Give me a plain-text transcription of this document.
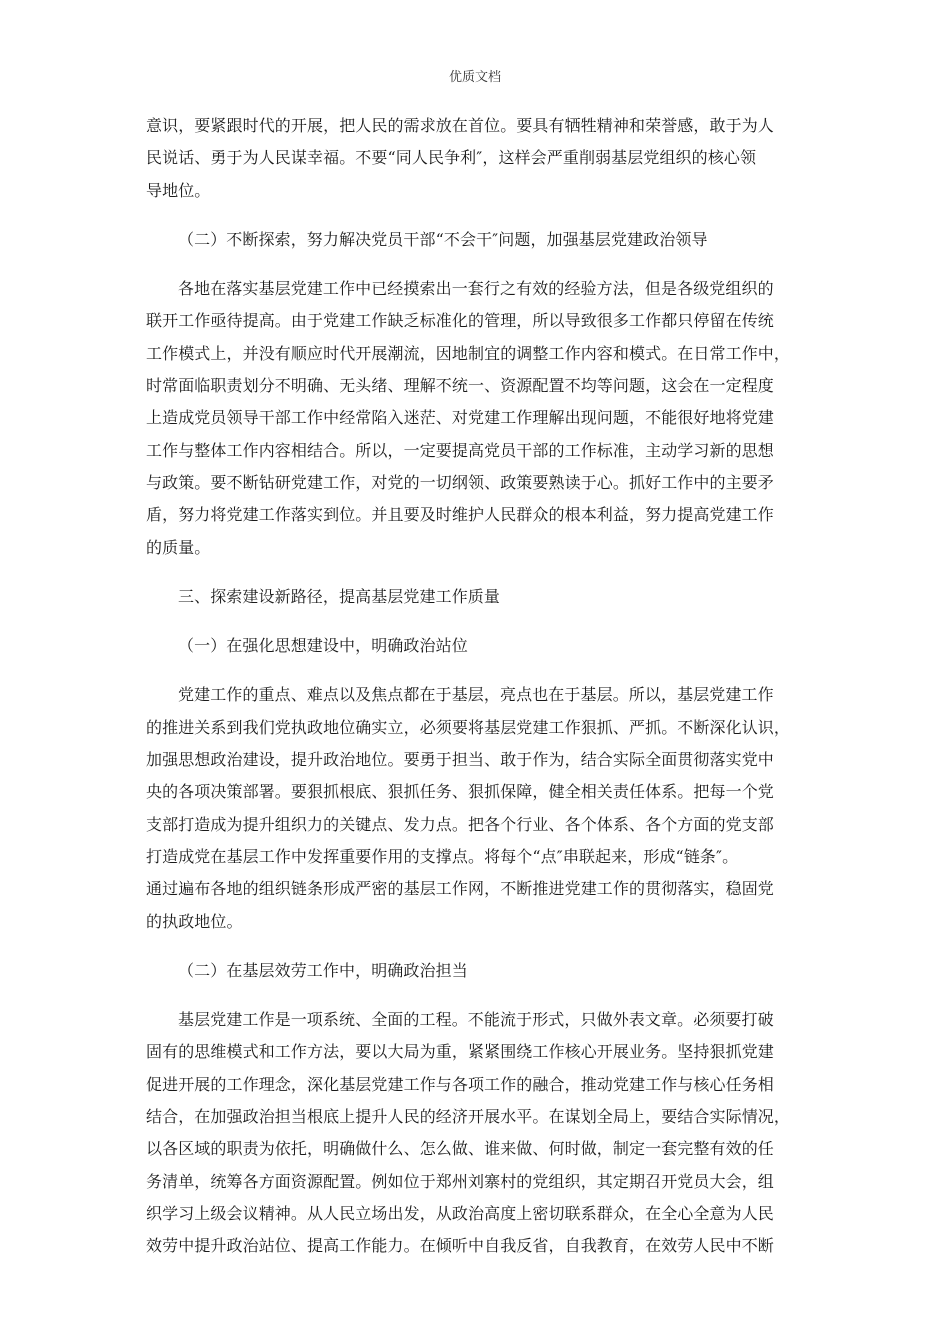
优质文档
意识，要紧跟时代的开展，把人民的需求放在首位。要具有牺牲精神和荣誉感，敢于为人
民说话、勇于为人民谋幸福。不要“同人民争利″，这样会严重削弱基层党组织的核心领
导地位。
（二）不断探索，努力解决党员干部“不会干″问题，加强基层党建政治领导
各地在落实基层党建工作中已经摸索出一套行之有效的经验方法，但是各级党组织的
联开工作亟待提高。由于党建工作缺乏标准化的管理，所以导致很多工作都只停留在传统
工作模式上，并没有顺应时代开展潮流，因地制宜的调整工作内容和模式。在日常工作中，
时常面临职责划分不明确、无头绪、理解不统一、资源配置不均等问题，这会在一定程度
上造成党员领导干部工作中经常陷入迷茫、对党建工作理解出现问题，不能很好地将党建
工作与整体工作内容相结合。所以，一定要提高党员干部的工作标准，主动学习新的思想
与政策。要不断钻研党建工作，对党的一切纲领、政策要熟读于心。抓好工作中的主要矛
盾，努力将党建工作落实到位。并且要及时维护人民群众的根本利益，努力提高党建工作
的质量。
三、探索建设新路径，提高基层党建工作质量
（一）在强化思想建设中，明确政治站位
党建工作的重点、难点以及焦点都在于基层，亮点也在于基层。所以，基层党建工作
的推进关系到我们党执政地位确实立，必须要将基层党建工作狠抓、严抓。不断深化认识，
加强思想政治建设，提升政治地位。要勇于担当、敢于作为，结合实际全面贯彻落实党中
央的各项决策部署。要狠抓根底、狠抓任务、狠抓保障，健全相关责任体系。把每一个党
支部打造成为提升组织力的关键点、发力点。把各个行业、各个体系、各个方面的党支部
打造成党在基层工作中发挥重要作用的支撑点。将每个“点″串联起来，形成“链条″。
通过遍布各地的组织链条形成严密的基层工作网，不断推进党建工作的贯彻落实，稳固党
的执政地位。
（二）在基层效劳工作中，明确政治担当
基层党建工作是一项系统、全面的工程。不能流于形式，只做外表文章。必须要打破
固有的思维模式和工作方法，要以大局为重，紧紧围绕工作核心开展业务。坚持狠抓党建
促进开展的工作理念，深化基层党建工作与各项工作的融合，推动党建工作与核心任务相
结合，在加强政治担当根底上提升人民的经济开展水平。在谋划全局上，要结合实际情况，
以各区域的职责为依托，明确做什么、怎么做、谁来做、何时做，制定一套完整有效的任
务清单，统筹各方面资源配置。例如位于郑州刘寨村的党组织，其定期召开党员大会，组
织学习上级会议精神。从人民立场出发，从政治高度上密切联系群众，在全心全意为人民
效劳中提升政治站位、提高工作能力。在倾听中自我反省，自我教育，在效劳人民中不断
